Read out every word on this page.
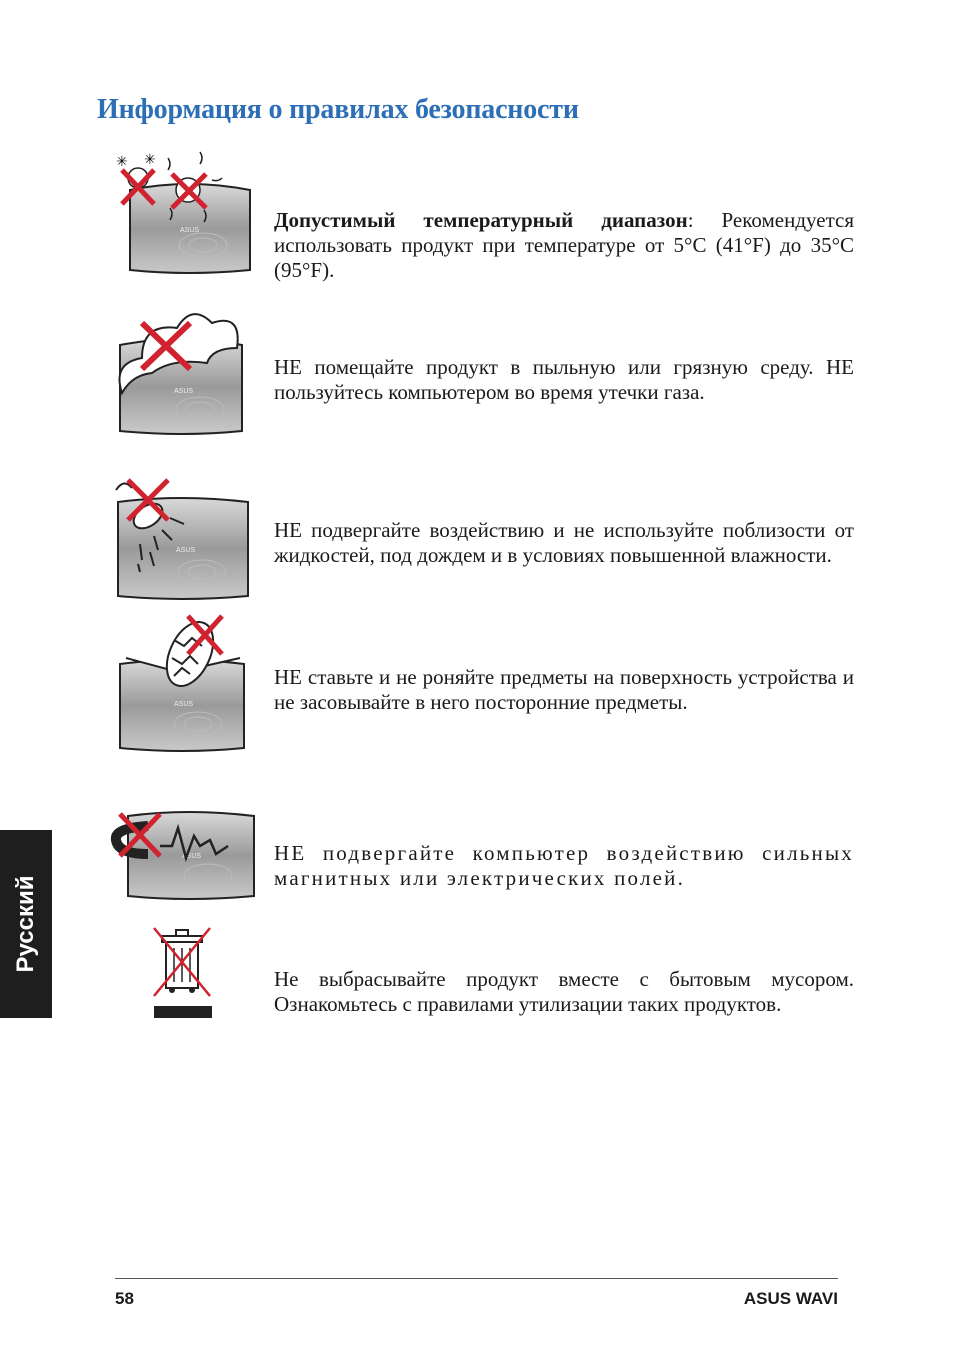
Информация о правилах безопасности
ASUS
✳ ✳

Допустимый температурный диапазон: Рекомендуется использовать продукт при температуре от 5°C (41°F) до 35°C (95°F).

ASUS

НЕ помещайте продукт в пыльную или грязную среду. НЕ пользуйтесь компьютером во время утечки газа.

ASUS

НЕ подвергайте воздействию и не используйте поблизости от жидкостей, под дождем и в условиях повышенной влажности.

ASUS

НЕ ставьте и не роняйте предметы на поверхность устройства и не засовывайте в него посторонние предметы.

ASUS	НЕ подвергайте компьютер воздействию сильных магнитных или электрических полей.

Не выбрасывайте продукт вместе с бытовым мусором. Ознакомьтесь с правилами утилизации таких продуктов.

Русский
58	ASUS WAVI
